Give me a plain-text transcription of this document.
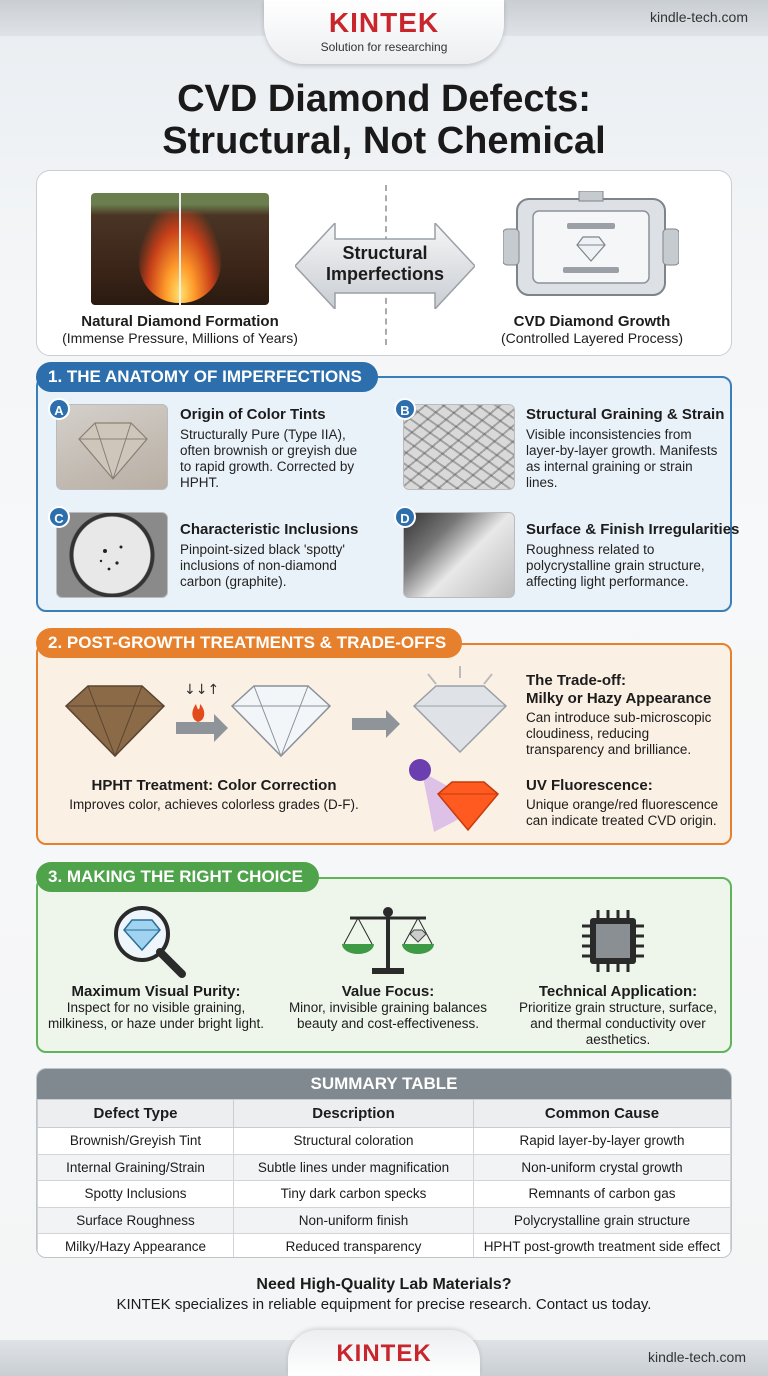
KINTEK
Solution for researching
kindle-tech.com
CVD Diamond Defects:
Structural, Not Chemical
Natural Diamond Formation
(Immense Pressure, Millions of Years)
Structural
Imperfections
CVD Diamond Growth
(Controlled Layered Process)
1. THE ANATOMY OF IMPERFECTIONS
A	Origin of Color Tints
Structurally Pure (Type IIA), often brownish or greyish due to rapid growth. Corrected by HPHT.
B	Structural Graining & Strain
Visible inconsistencies from layer-by-layer growth. Manifests as internal graining or strain lines.
C
Characteristic Inclusions
Pinpoint-sized black 'spotty' inclusions of non-diamond carbon (graphite).
D
Surface & Finish Irregularities
Roughness related to polycrystalline grain structure, affecting light performance.
2. POST-GROWTH TREATMENTS & TRADE-OFFS
↓↓↑
HPHT Treatment: Color Correction
Improves color, achieves colorless grades (D-F).
The Trade-off:
Milky or Hazy Appearance
Can introduce sub-microscopic cloudiness, reducing transparency and brilliance.
UV Fluorescence:
Unique orange/red fluorescence can indicate treated CVD origin.
3. MAKING THE RIGHT CHOICE
Maximum Visual Purity:
Inspect for no visible graining, milkiness, or haze under bright light.
Value Focus:
Minor, invisible graining balances beauty and cost-effectiveness.
Technical Application:
Prioritize grain structure, surface, and thermal conductivity over aesthetics.
SUMMARY TABLE
Defect Type	Description	Common Cause
Brownish/Greyish Tint	Structural coloration	Rapid layer-by-layer growth
Internal Graining/Strain	Subtle lines under magnification	Non-uniform crystal growth
Spotty Inclusions	Tiny dark carbon specks	Remnants of carbon gas
Surface Roughness	Non-uniform finish	Polycrystalline grain structure
Milky/Hazy Appearance	Reduced transparency	HPHT post-growth treatment side effect
Need High-Quality Lab Materials?
KINTEK specializes in reliable equipment for precise research. Contact us today.
KINTEK	kindle-tech.com
